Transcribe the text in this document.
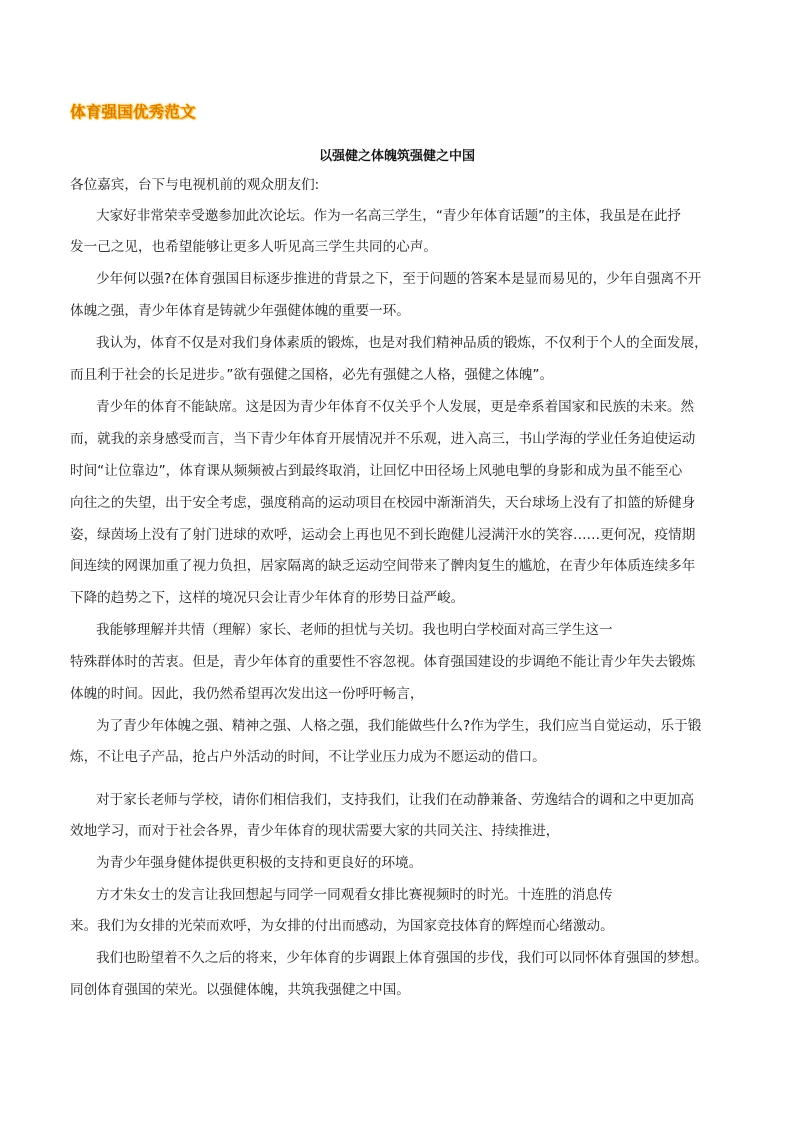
体育强国优秀范文
以强健之体魄筑强健之中国
各位嘉宾，台下与电视机前的观众朋友们:
大家好非常荣幸受邀参加此次论坛。作为一名高三学生，“青少年体育话题”的主体，我虽是在此抒
发一己之见，也希望能够让更多人听见高三学生共同的心声。
少年何以强?在体育强国目标逐步推进的背景之下，至于问题的答案本是显而易见的，少年自强离不开
体魄之强，青少年体育是铸就少年强健体魄的重要一环。
我认为，体育不仅是对我们身体素质的锻炼，也是对我们精神品质的锻炼，不仅利于个人的全面发展，
而且利于社会的长足进步。”欲有强健之国格，必先有强健之人格，强健之体魄”。
青少年的体育不能缺席。这是因为青少年体育不仅关乎个人发展，更是牵系着国家和民族的未来。然
而，就我的亲身感受而言，当下青少年体育开展情况并不乐观，进入高三，书山学海的学业任务迫使运动
时间“让位靠边”，体育课从频频被占到最终取消，让回忆中田径场上风驰电掣的身影和成为虽不能至心
向往之的失望，出于安全考虑，强度稍高的运动项目在校园中渐渐消失，天台球场上没有了扣篮的矫健身
姿，绿茵场上没有了射门进球的欢呼，运动会上再也见不到长跑健儿浸满汗水的笑容……更何况，疫情期
间连续的网课加重了视力负担，居家隔离的缺乏运动空间带来了髀肉复生的尴尬，在青少年体质连续多年
下降的趋势之下，这样的境况只会让青少年体育的形势日益严峻。
我能够理解并共情（理解）家长、老师的担忧与关切。我也明白学校面对高三学生这一
特殊群体时的苦衷。但是，青少年体育的重要性不容忽视。体育强国建设的步调绝不能让青少年失去锻炼
体魄的时间。因此，我仍然希望再次发出这一份呼吁畅言，
为了青少年体魄之强、精神之强、人格之强，我们能做些什么?作为学生，我们应当自觉运动，乐于锻
炼，不让电子产品，抢占户外活动的时间，不让学业压力成为不愿运动的借口。
对于家长老师与学校，请你们相信我们，支持我们，让我们在动静兼备、劳逸结合的调和之中更加高
效地学习，而对于社会各界，青少年体育的现状需要大家的共同关注、持续推进，
为青少年强身健体提供更积极的支持和更良好的环境。
方才朱女士的发言让我回想起与同学一同观看女排比赛视频时的时光。十连胜的消息传
来。我们为女排的光荣而欢呼，为女排的付出而感动，为国家竞技体育的辉煌而心绪激动。
我们也盼望着不久之后的将来，少年体育的步调跟上体育强国的步伐，我们可以同怀体育强国的梦想。
同创体育强国的荣光。以强健体魄，共筑我强健之中国。
